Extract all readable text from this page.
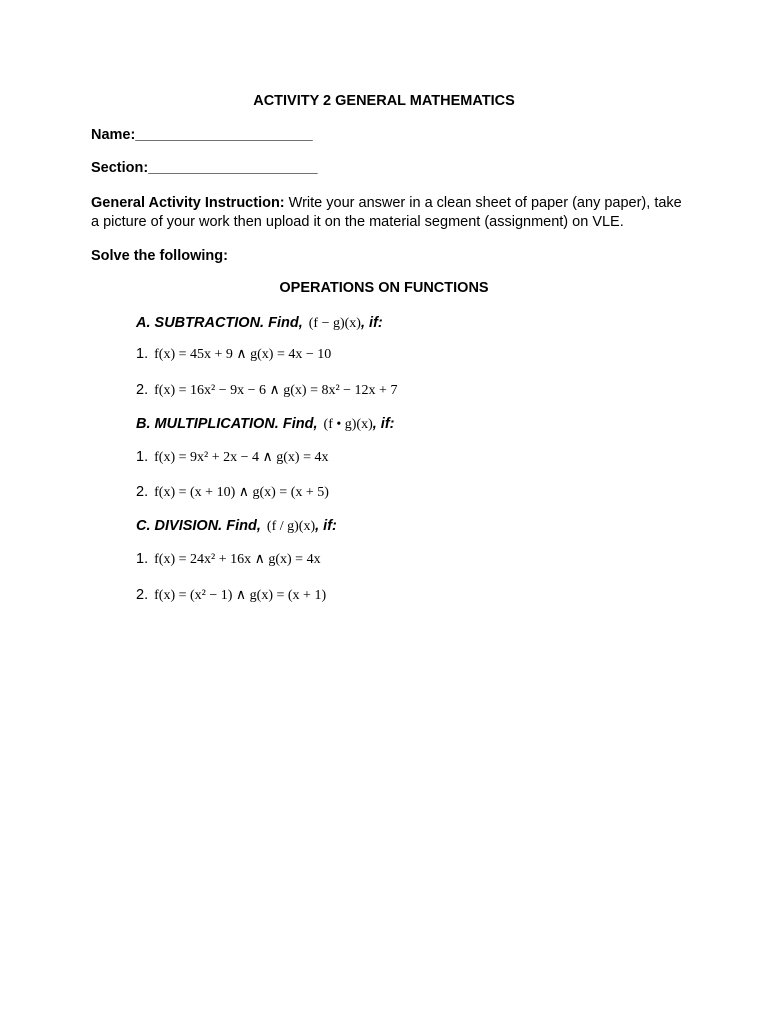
ACTIVITY 2 GENERAL MATHEMATICS
Name:______________________
Section:_____________________
General Activity Instruction: Write your answer in a clean sheet of paper (any paper), take a picture of your work then upload it on the material segment (assignment) on VLE.
Solve the following:
OPERATIONS ON FUNCTIONS
A. SUBTRACTION. Find, (f − g)(x), if:
1. f(x) = 45x + 9 ∧ g(x) = 4x − 10
2. f(x) = 16x² − 9x − 6 ∧ g(x) = 8x² − 12x + 7
B. MULTIPLICATION. Find, (f • g)(x), if:
1. f(x) = 9x² + 2x − 4 ∧ g(x) = 4x
2. f(x) = (x + 10) ∧ g(x) = (x + 5)
C. DIVISION. Find, (f / g)(x), if:
1. f(x) = 24x² + 16x ∧ g(x) = 4x
2. f(x) = (x² − 1) ∧ g(x) = (x + 1)
